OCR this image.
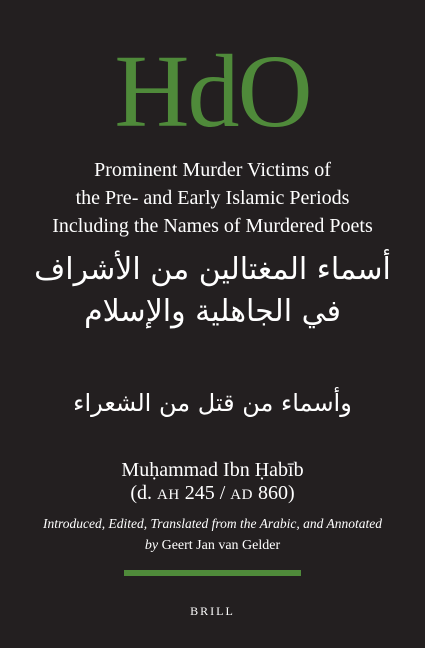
HdO
Prominent Murder Victims of
the Pre- and Early Islamic Periods
Including the Names of Murdered Poets
أسماء المغتالين من الأشراف
في الجاهلية والإسلام
وأسماء من قتل من الشعراء
Muḥammad Ibn Ḥabīb
(d. AH 245 / AD 860)
Introduced, Edited, Translated from the Arabic, and Annotated
by Geert Jan van Gelder
BRILL
